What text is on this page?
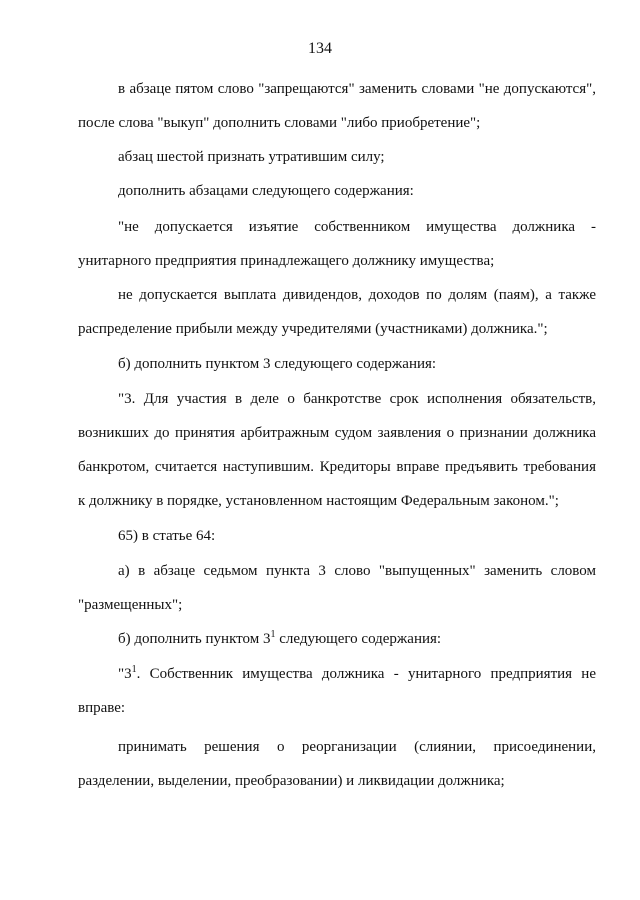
134
в абзаце пятом слово "запрещаются" заменить словами "не допускаются",
после слова "выкуп" дополнить словами "либо приобретение";
абзац шестой признать утратившим силу;
дополнить абзацами следующего содержания:
"не допускается изъятие собственником имущества должника -
унитарного предприятия принадлежащего должнику имущества;
не допускается выплата дивидендов, доходов по долям (паям), а также
распределение прибыли между учредителями (участниками) должника.";
б) дополнить пунктом 3 следующего содержания:
"3. Для участия в деле о банкротстве срок исполнения обязательств,
возникших до принятия арбитражным судом заявления о признании должника
банкротом, считается наступившим. Кредиторы вправе предъявить требования
к должнику в порядке, установленном настоящим Федеральным законом.";
65) в статье 64:
а) в абзаце седьмом пункта 3 слово "выпущенных" заменить словом
"размещенных";
б) дополнить пунктом $3^1$ следующего содержания:
"$3^1$. Собственник имущества должника - унитарного предприятия не
вправе:
принимать решения о реорганизации (слиянии, присоединении,
разделении, выделении, преобразовании) и ликвидации должника;
